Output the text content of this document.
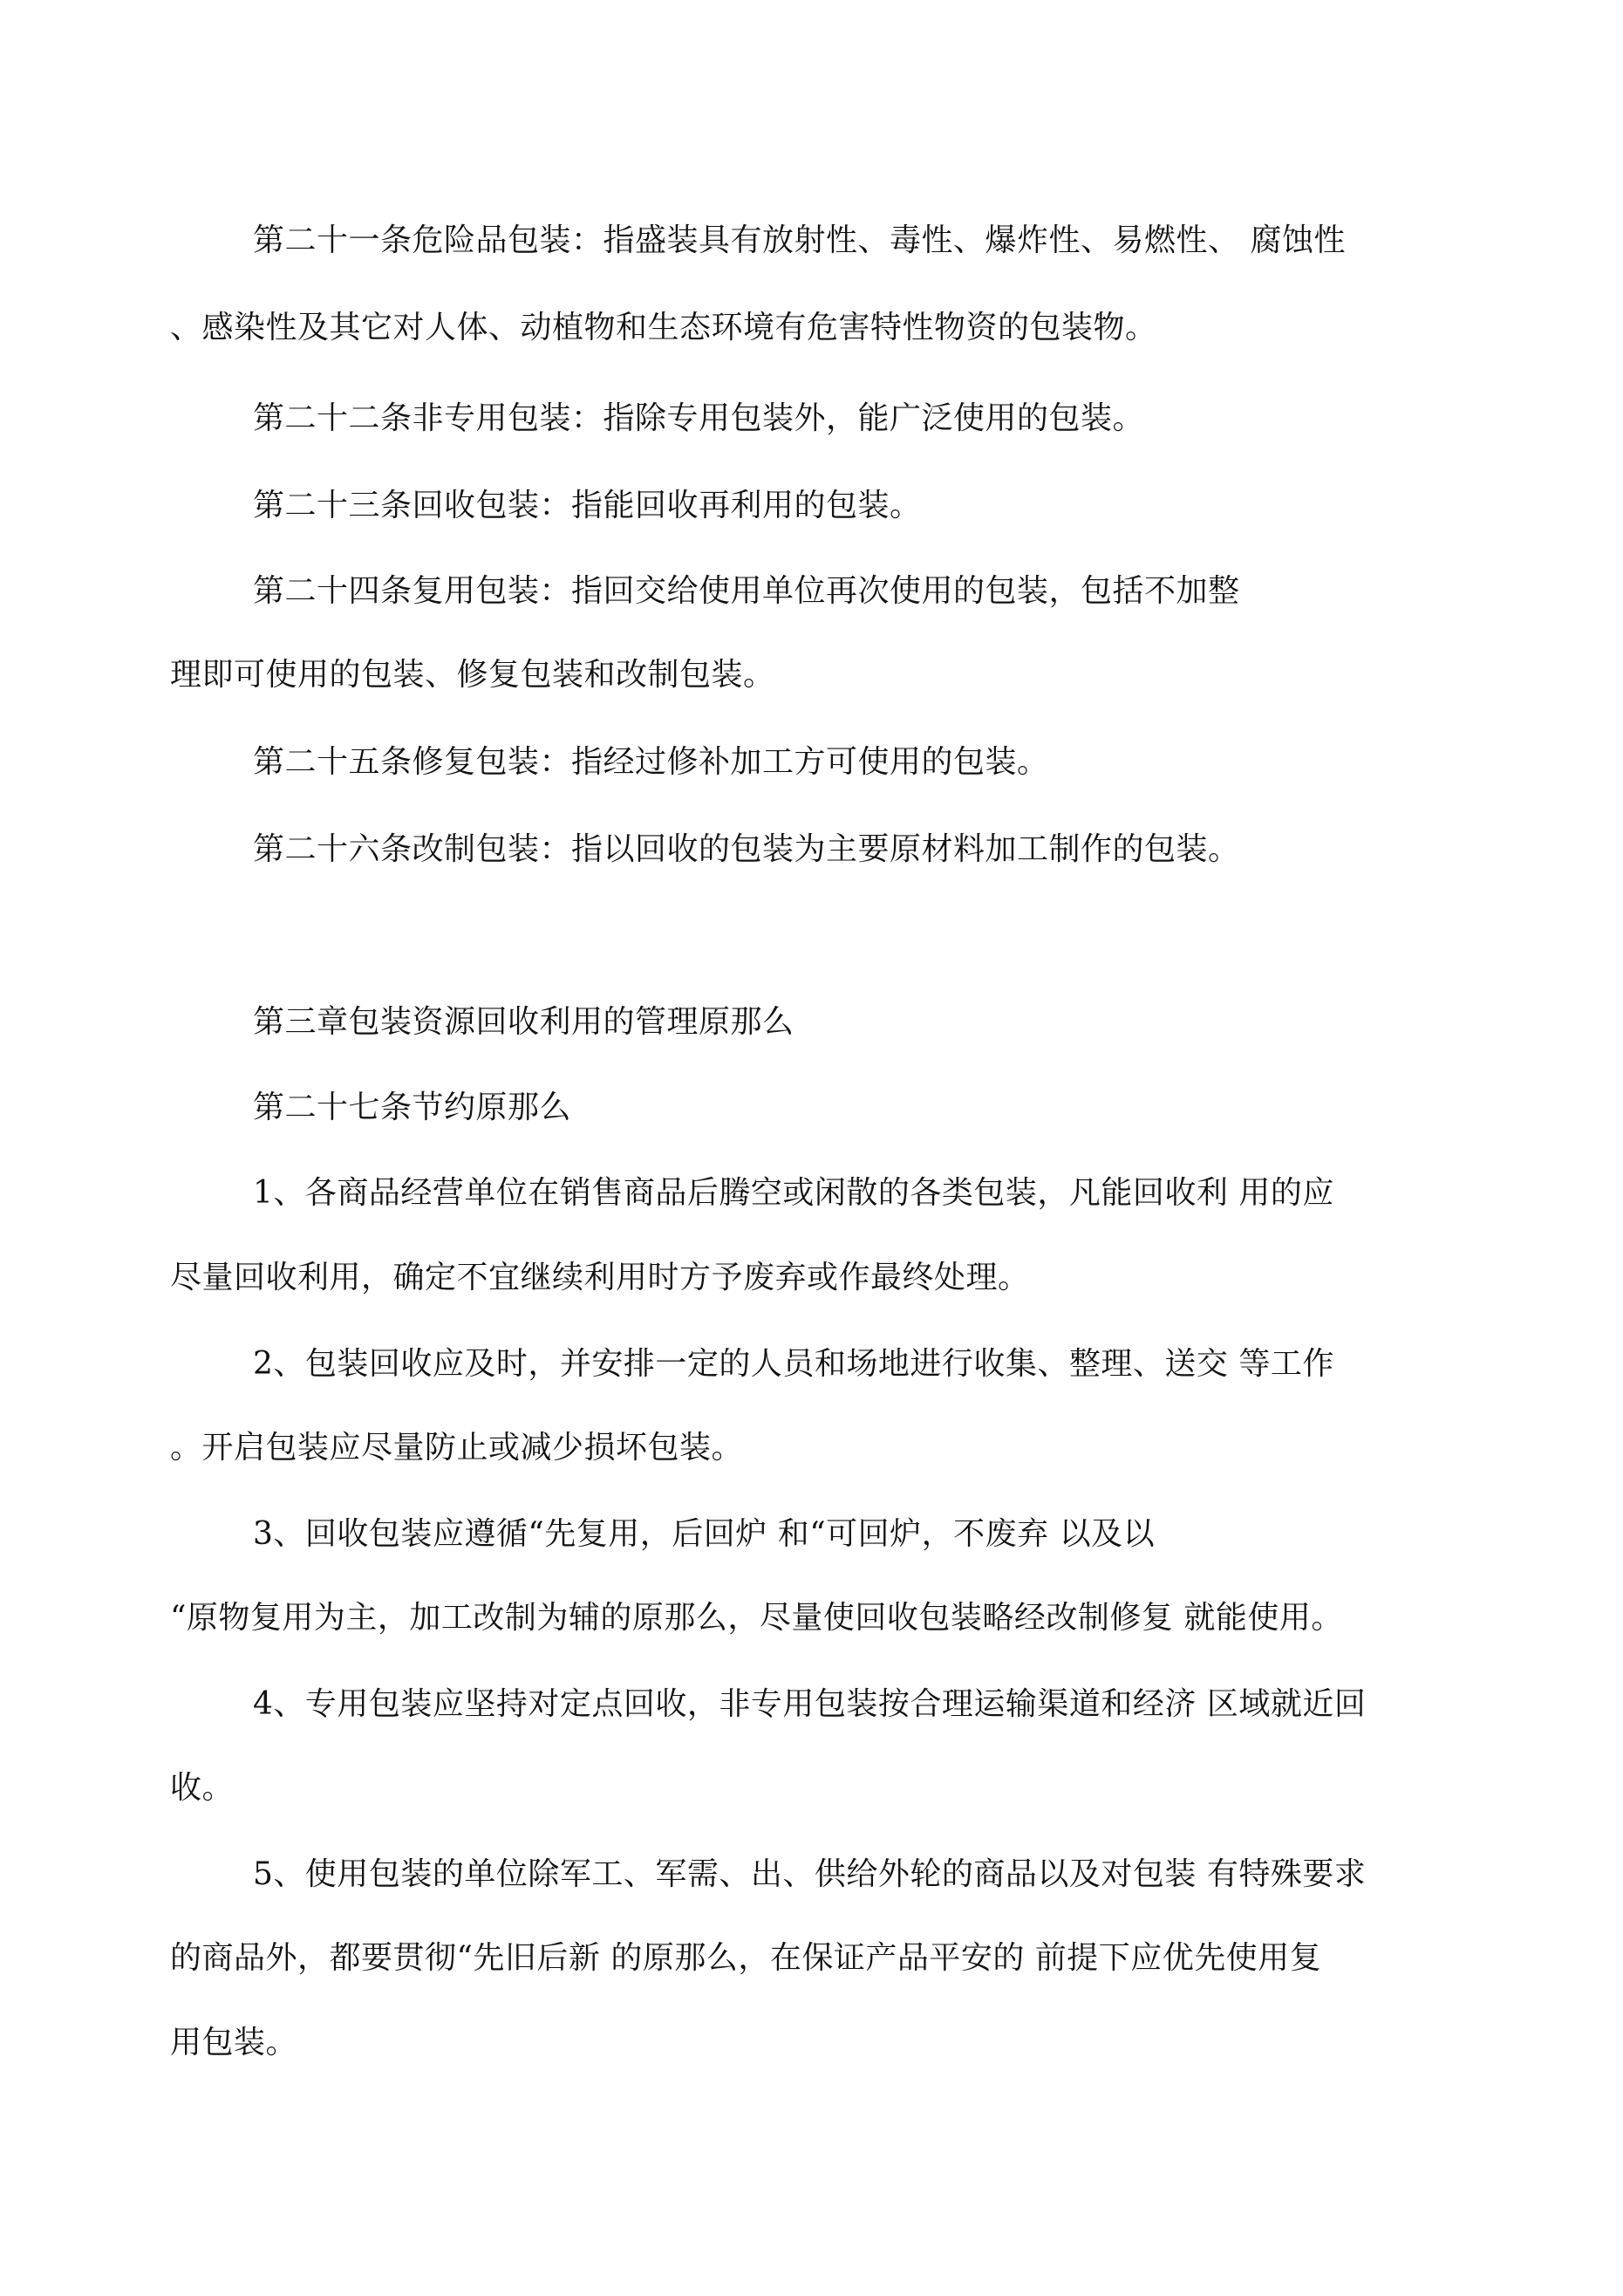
第二十一条危险品包装：指盛装具有放射性、毒性、爆炸性、易燃性、 腐蚀性

、感染性及其它对人体、动植物和生态环境有危害特性物资的包装物。

第二十二条非专用包装：指除专用包装外，能广泛使用的包装。

第二十三条回收包装：指能回收再利用的包装。

第二十四条复用包装：指回交给使用单位再次使用的包装，包括不加整

理即可使用的包装、修复包装和改制包装。

第二十五条修复包装：指经过修补加工方可使用的包装。

第二十六条改制包装：指以回收的包装为主要原材料加工制作的包装。

第三章包装资源回收利用的管理原那么

第二十七条节约原那么

1、各商品经营单位在销售商品后腾空或闲散的各类包装，凡能回收利 用的应

尽量回收利用，确定不宜继续利用时方予废弃或作最终处理。

2、包装回收应及时，并安排一定的人员和场地进行收集、整理、送交 等工作

。开启包装应尽量防止或减少损坏包装。

3、回收包装应遵循“先复用，后回炉 和“可回炉，不废弃 以及以

“原物复用为主，加工改制为辅的原那么，尽量使回收包装略经改制修复 就能使用。

4、专用包装应坚持对定点回收，非专用包装按合理运输渠道和经济 区域就近回

收。

5、使用包装的单位除军工、军需、出、供给外轮的商品以及对包装 有特殊要求

的商品外，都要贯彻“先旧后新 的原那么，在保证产品平安的 前提下应优先使用复

用包装。
